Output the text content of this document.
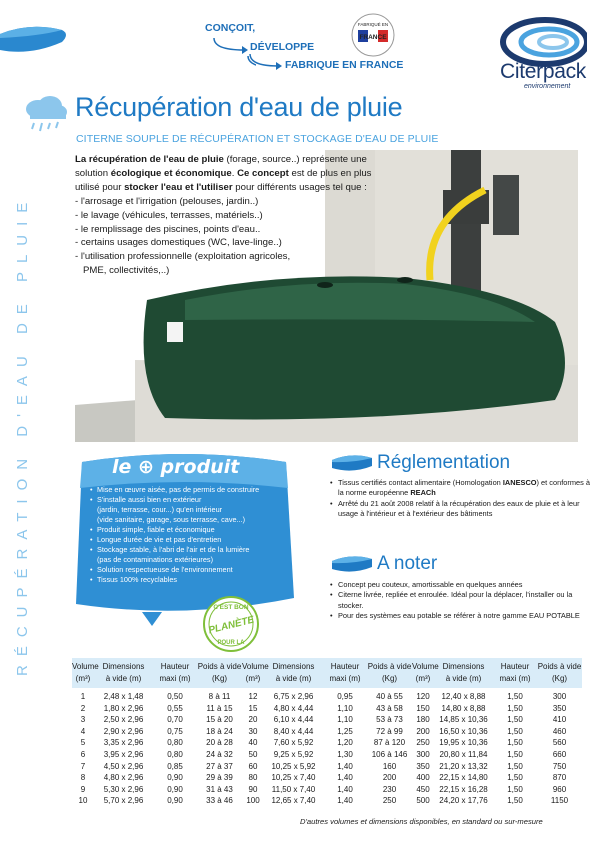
RÉCUPÉRATION D'EAU DE PLUIE
CONÇOIT,
DÉVELOPPE
FABRIQUE EN FRANCE
FABRIQUÉ EN
FRANCE
Citerpack
environnement
Récupération d'eau de pluie
CITERNE SOUPLE DE RÉCUPÉRATION ET STOCKAGE D'EAU DE PLUIE
La récupération de l'eau de pluie (forage, source..) représente une solution écologique et économique. Ce concept est de plus en plus utilisé pour stocker l'eau et l'utiliser pour différents usages tel que :
- l'arrosage et l'irrigation (pelouses, jardin..)
- le lavage (véhicules, terrasses, matériels..)
- le remplissage des piscines, points d'eau..
- certains usages domestiques (WC, lave-linge..)
- l'utilisation professionnelle (exploitation agricoles,
PME, collectivités,..)
le ⊕ produit
• Mise en œuvre aisée, pas de permis de construire
• S'installe aussi bien en extérieur
(jardin, terrasse, cour...) qu'en intérieur
(vide sanitaire, garage, sous terrasse, cave...)
• Produit simple, fiable et économique
• Longue durée de vie et pas d'entretien
• Stockage stable, à l'abri de l'air et de la lumière
(pas de contaminations extérieures)
• Solution respectueuse de l'environnement
• Tissus 100% recyclables
C'EST BON
PLANÈTE
POUR LA
Réglementation
• Tissus certifiés contact alimentaire (Homologation IANESCO) et conformes à la norme européenne REACh
• Arrêté du 21 août 2008 relatif à la récupération des eaux de pluie et à leur usage à l'intérieur et à l'extérieur des bâtiments
A noter
• Concept peu couteux, amortissable en quelques années
• Citerne livrée, repliée et enroulée. Idéal pour la déplacer, l'installer ou la stocker.
• Pour des systèmes eau potable se référer à notre gamme EAU POTABLE
Volume
(m³)
Dimensions
à vide (m)
Hauteur
maxi (m)
Poids à vide
(Kg)
1	2,48 x 1,48	0,50	8 à 11
2	1,80 x 2,96	0,55	11 à 15
3	2,50 x 2,96	0,70	15 à 20
4	2,90 x 2,96	0,75	18 à 24
5	3,35 x 2,96	0,80	20 à 28
6	3,95 x 2,96	0,80	24 à 32
7	4,50 x 2,96	0,85	27 à 37
8	4,80 x 2,96	0,90	29 à 39
9	5,30 x 2,96	0,90	31 à 43
10	5,70 x 2,96	0,90	33 à 46
Volume
(m³)
Dimensions
à vide (m)
Hauteur
maxi (m)
Poids à vide
(Kg)
12	6,75 x 2,96	0,95	40 à 55
15	4,80 x 4,44	1,10	43 à 58
20	6,10 x 4,44	1,10	53 à 73
30	8,40 x 4,44	1,25	72 à 99
40	7,60 x 5,92	1,20	87 à 120
50	9,25 x 5,92	1,30	106 à 146
60	10,25 x 5,92	1,40	160
80	10,25 x 7,40	1,40	200
90	11,50 x 7,40	1,40	230
100	12,65 x 7,40	1,40	250
Volume
(m³)
Dimensions
à vide (m)
Hauteur
maxi (m)
Poids à vide
(Kg)
120	12,40 x 8,88	1,50	300
150	14,80 x 8,88	1,50	350
180	14,85 x 10,36	1,50	410
200	16,50 x 10,36	1,50	460
250	19,95 x 10,36	1,50	560
300	20,80 x 11,84	1,50	660
350	21,20 x 13,32	1,50	750
400	22,15 x 14,80	1,50	870
450	22,15 x 16,28	1,50	960
500	24,20 x 17,76	1,50	1150
D'autres volumes et dimensions disponibles, en standard ou sur-mesure
